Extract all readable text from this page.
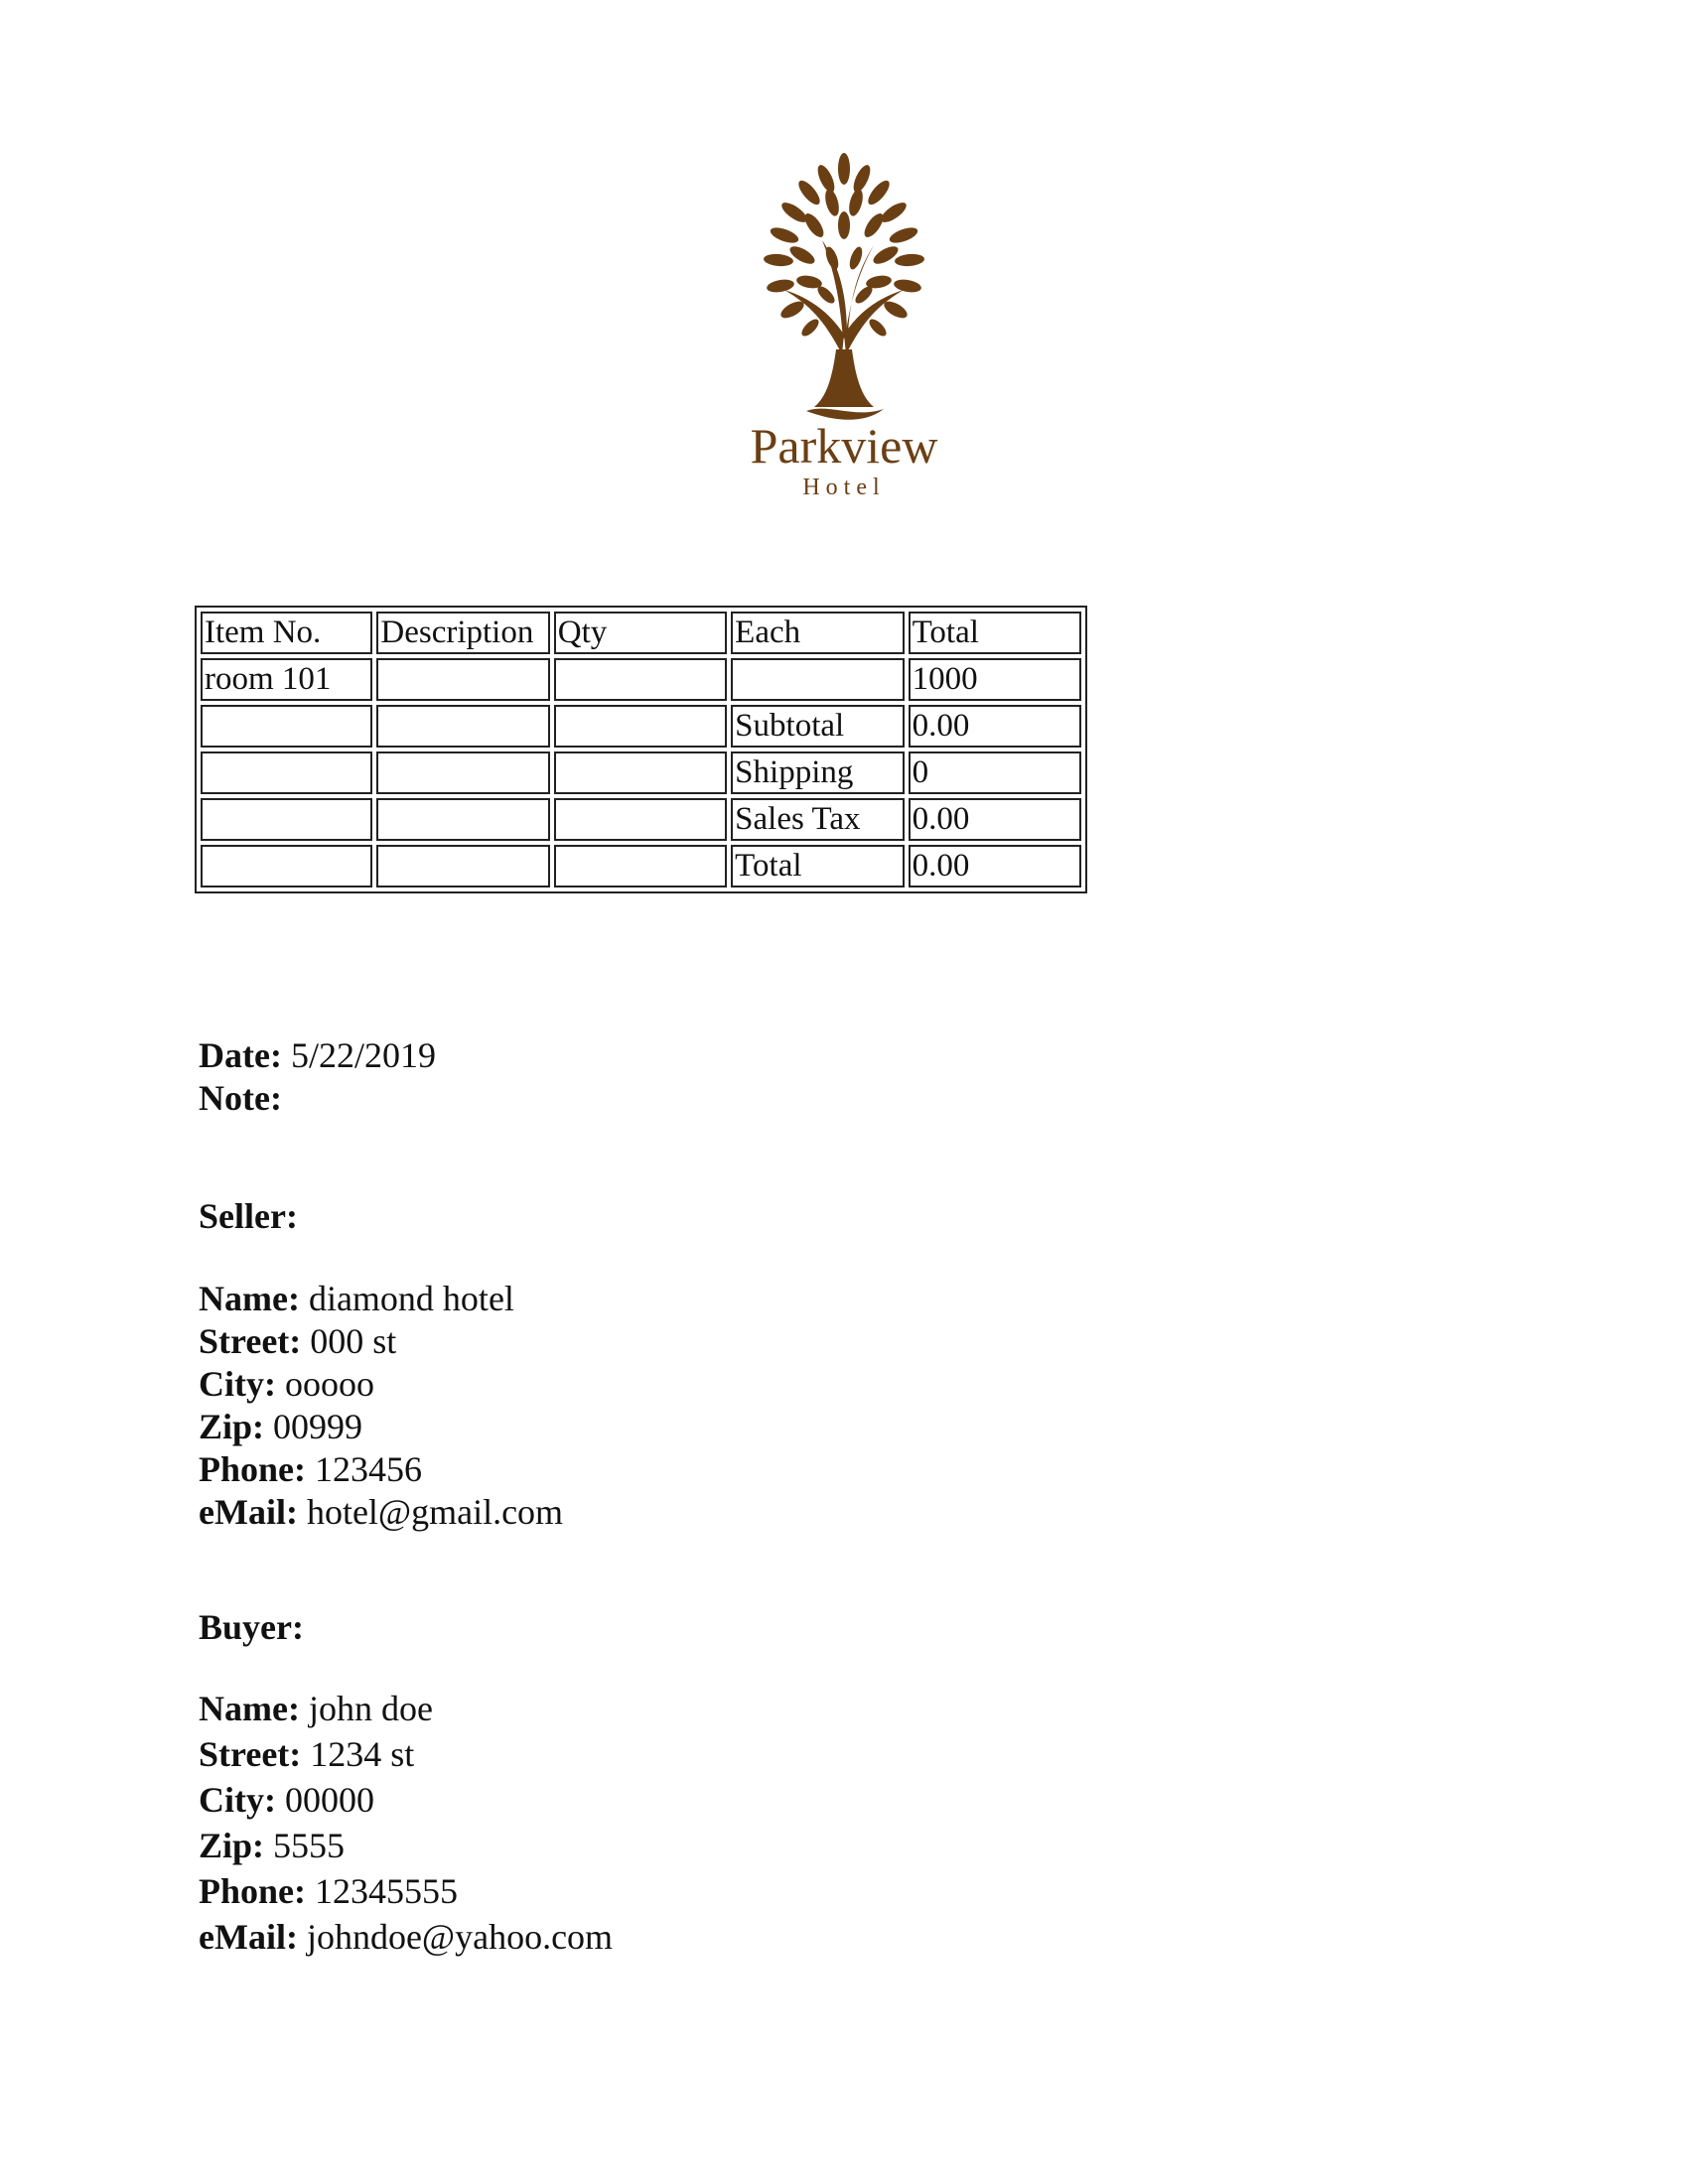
Parkview
Hotel
Item No.	Description	Qty	Each	Total
room 101				1000
			Subtotal	0.00
			Shipping	0
			Sales Tax	0.00
			Total	0.00
Date: 5/22/2019
Note:
Seller:
Name: diamond hotel
Street: 000 st
City: ooooo
Zip: 00999
Phone: 123456
eMail: hotel@gmail.com
Buyer:
Name: john doe
Street: 1234 st
City: 00000
Zip: 5555
Phone: 12345555
eMail: johndoe@yahoo.com
